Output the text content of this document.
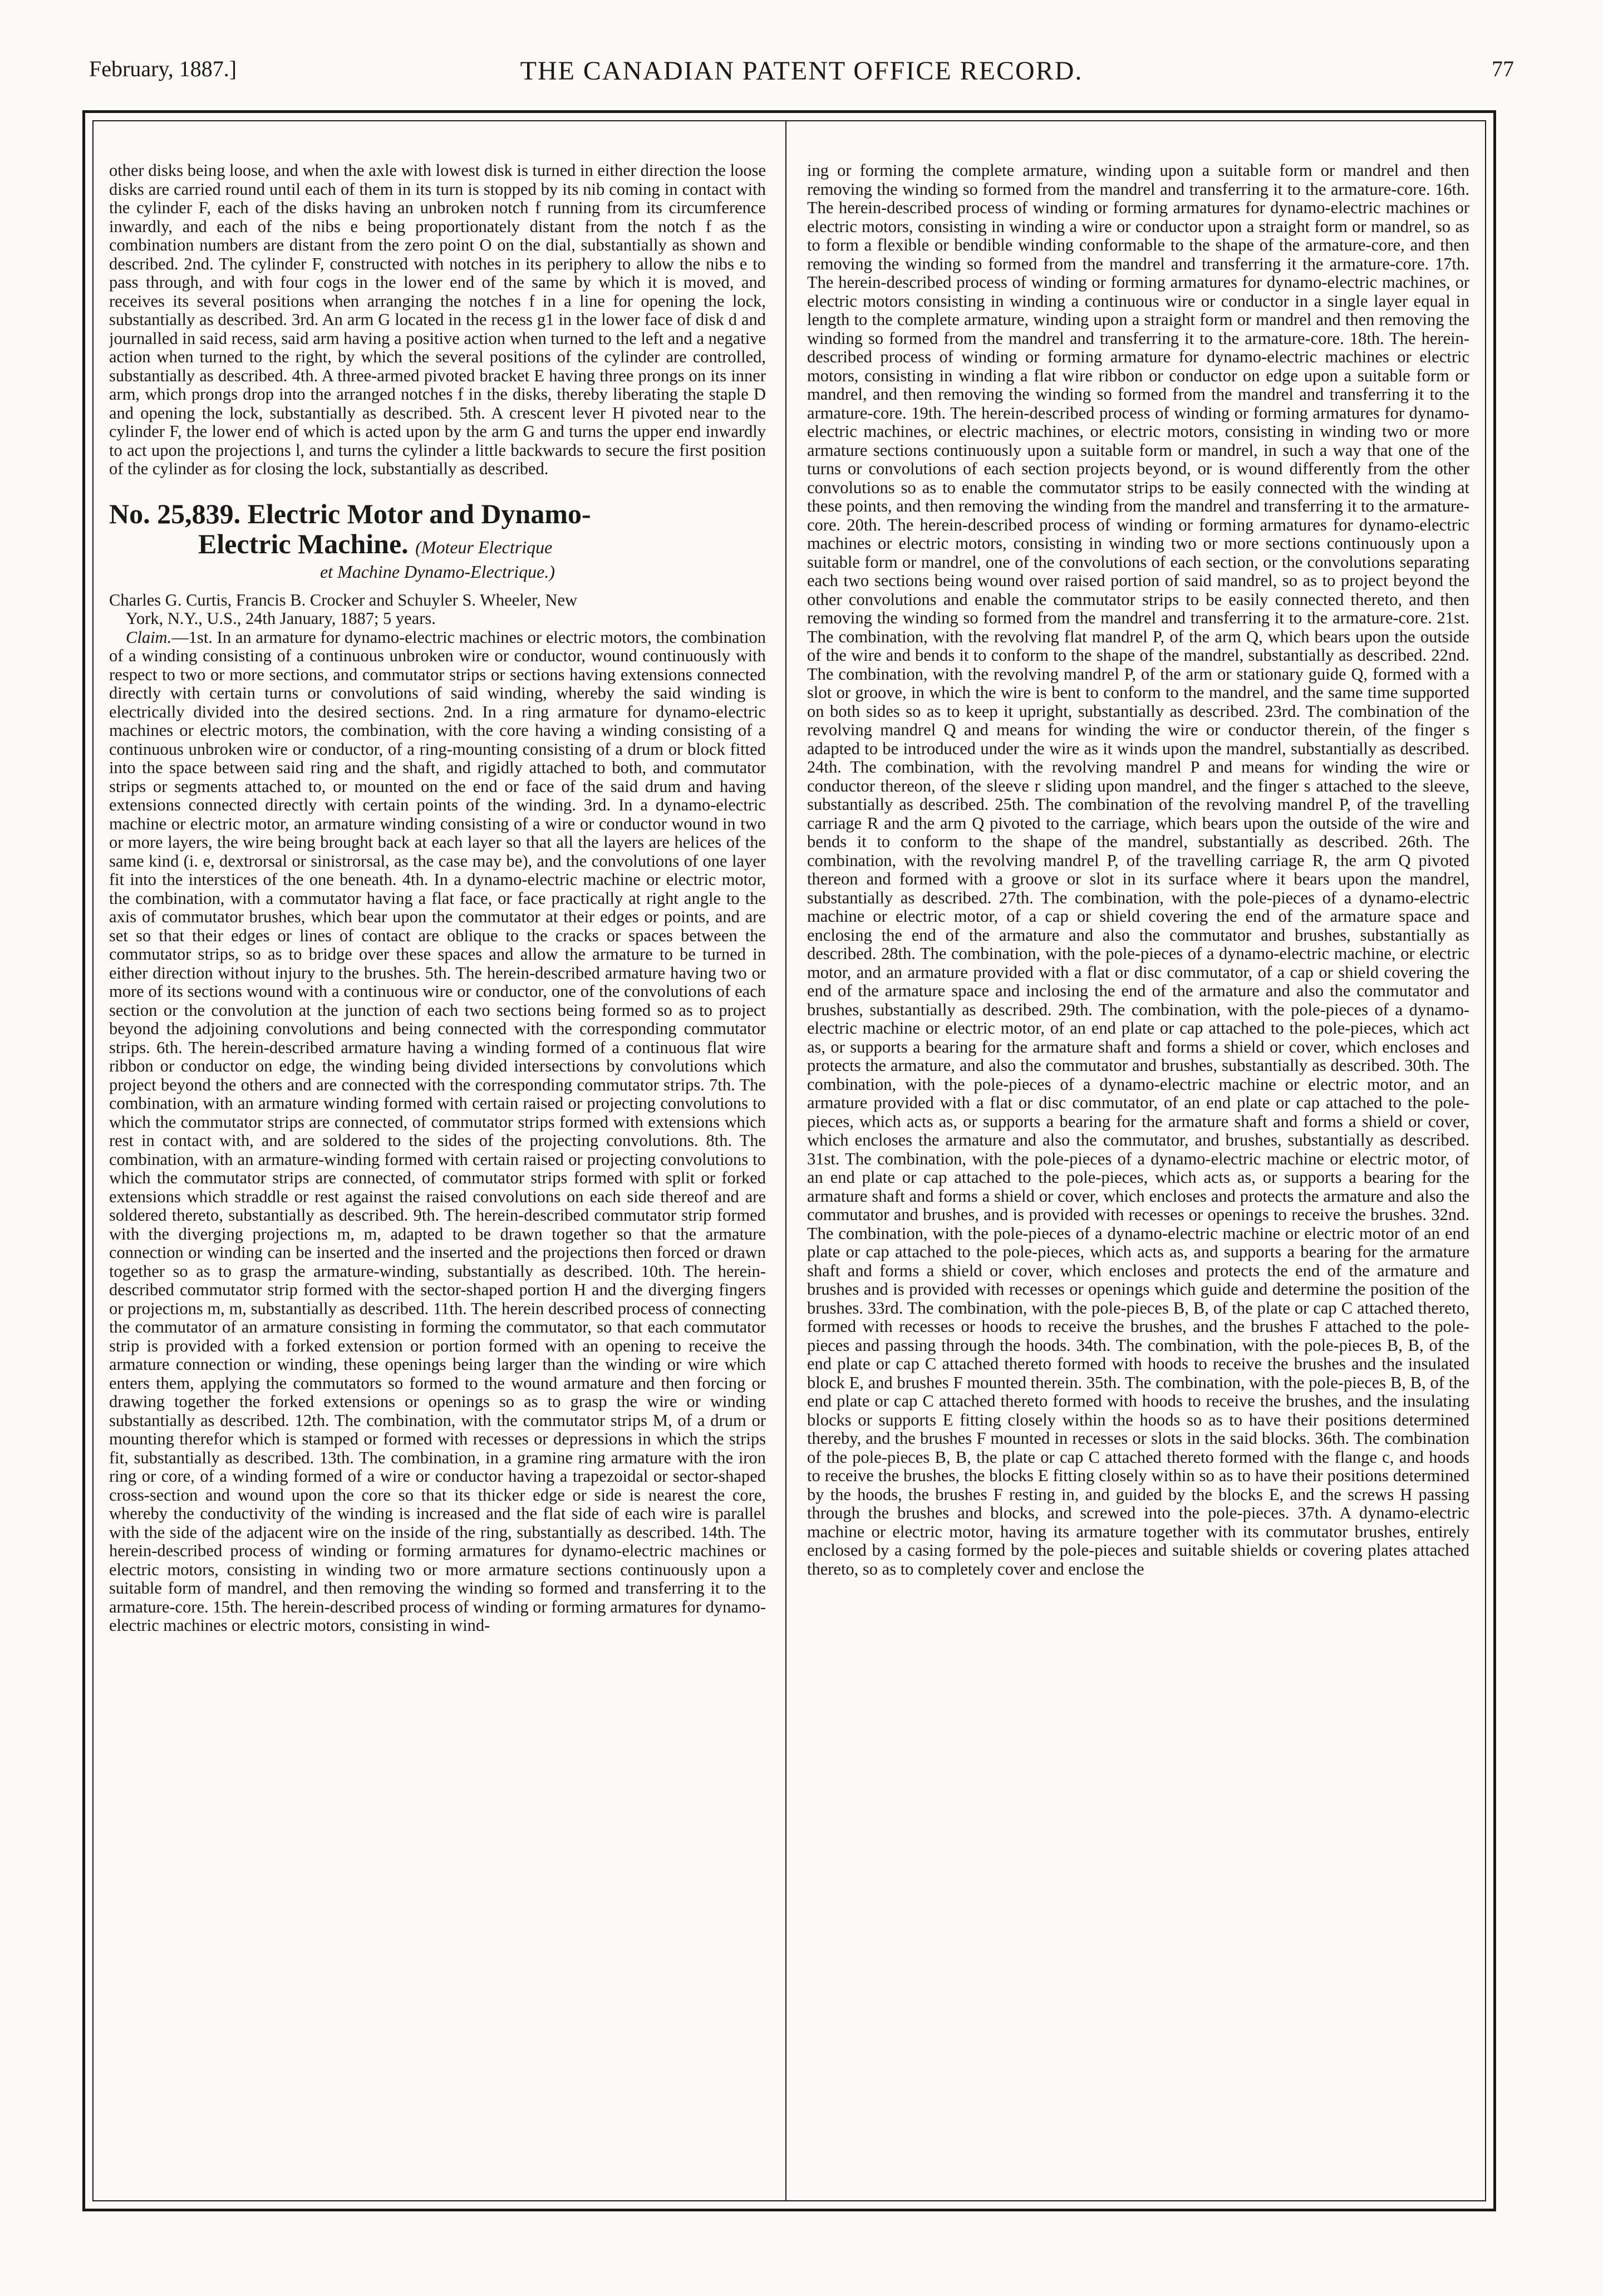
February, 1887.]	THE CANADIAN PATENT OFFICE RECORD.	77

other disks being loose, and when the axle with lowest disk is turned in either direction the loose disks are carried round until each of them in its turn is stopped by its nib coming in contact with the cylinder F, each of the disks having an unbroken notch f running from its circumference inwardly, and each of the nibs e being proportionately distant from the notch f as the combination numbers are distant from the zero point O on the dial, substantially as shown and described. 2nd. The cylinder F, constructed with notches in its periphery to allow the nibs e to pass through, and with four cogs in the lower end of the same by which it is moved, and receives its several positions when arranging the notches f in a line for opening the lock, substantially as described. 3rd. An arm G located in the recess g1 in the lower face of disk d and journalled in said recess, said arm having a positive action when turned to the left and a negative action when turned to the right, by which the several positions of the cylinder are controlled, substantially as described. 4th. A three-armed pivoted bracket E having three prongs on its inner arm, which prongs drop into the arranged notches f in the disks, thereby liberating the staple D and opening the lock, substantially as described. 5th. A crescent lever H pivoted near to the cylinder F, the lower end of which is acted upon by the arm G and turns the upper end inwardly to act upon the projections l, and turns the cylinder a little backwards to secure the first position of the cylinder as for closing the lock, substantially as described.

No. 25,839. Electric Motor and Dynamo-
Electric Machine. (Moteur Electrique
et Machine Dynamo-Electrique.)

Charles G. Curtis, Francis B. Crocker and Schuyler S. Wheeler, New

York, N.Y., U.S., 24th January, 1887; 5 years.

Claim.—1st. In an armature for dynamo-electric machines or electric motors, the combination of a winding consisting of a continuous unbroken wire or conductor, wound continuously with respect to two or more sections, and commutator strips or sections having extensions connected directly with certain turns or convolutions of said winding, whereby the said winding is electrically divided into the desired sections. 2nd. In a ring armature for dynamo-electric machines or electric motors, the combination, with the core having a winding consisting of a continuous unbroken wire or conductor, of a ring-mounting consisting of a drum or block fitted into the space between said ring and the shaft, and rigidly attached to both, and commutator strips or segments attached to, or mounted on the end or face of the said drum and having extensions connected directly with certain points of the winding. 3rd. In a dynamo-electric machine or electric motor, an armature winding consisting of a wire or conductor wound in two or more layers, the wire being brought back at each layer so that all the layers are helices of the same kind (i. e, dextrorsal or sinistrorsal, as the case may be), and the convolutions of one layer fit into the interstices of the one beneath. 4th. In a dynamo-electric machine or electric motor, the combination, with a commutator having a flat face, or face practically at right angle to the axis of commutator brushes, which bear upon the commutator at their edges or points, and are set so that their edges or lines of contact are oblique to the cracks or spaces between the commutator strips, so as to bridge over these spaces and allow the armature to be turned in either direction without injury to the brushes. 5th. The herein-described armature having two or more of its sections wound with a continuous wire or conductor, one of the convolutions of each section or the convolution at the junction of each two sections being formed so as to project beyond the adjoining convolutions and being connected with the corresponding commutator strips. 6th. The herein-described armature having a winding formed of a continuous flat wire ribbon or conductor on edge, the winding being divided intersections by convolutions which project beyond the others and are connected with the corresponding commutator strips. 7th. The combination, with an armature winding formed with certain raised or projecting convolutions to which the commutator strips are connected, of commutator strips formed with extensions which rest in contact with, and are soldered to the sides of the projecting convolutions. 8th. The combination, with an armature-winding formed with certain raised or projecting convolutions to which the commutator strips are connected, of commutator strips formed with split or forked extensions which straddle or rest against the raised convolutions on each side thereof and are soldered thereto, substantially as described. 9th. The herein-described commutator strip formed with the diverging projections m, m, adapted to be drawn together so that the armature connection or winding can be inserted and the inserted and the projections then forced or drawn together so as to grasp the armature-winding, substantially as described. 10th. The herein-described commutator strip formed with the sector-shaped portion H and the diverging fingers or projections m, m, substantially as described. 11th. The herein described process of connecting the commutator of an armature consisting in forming the commutator, so that each commutator strip is provided with a forked extension or portion formed with an opening to receive the armature connection or winding, these openings being larger than the winding or wire which enters them, applying the commutators so formed to the wound armature and then forcing or drawing together the forked extensions or openings so as to grasp the wire or winding substantially as described. 12th. The combination, with the commutator strips M, of a drum or mounting therefor which is stamped or formed with recesses or depressions in which the strips fit, substantially as described. 13th. The combination, in a gramine ring armature with the iron ring or core, of a winding formed of a wire or conductor having a trapezoidal or sector-shaped cross-section and wound upon the core so that its thicker edge or side is nearest the core, whereby the conductivity of the winding is increased and the flat side of each wire is parallel with the side of the adjacent wire on the inside of the ring, substantially as described. 14th. The herein-described process of winding or forming armatures for dynamo-electric machines or electric motors, consisting in winding two or more armature sections continuously upon a suitable form of mandrel, and then removing the winding so formed and transferring it to the armature-core. 15th. The herein-described process of winding or forming armatures for dynamo-electric machines or electric motors, consisting in wind-

ing or forming the complete armature, winding upon a suitable form or mandrel and then removing the winding so formed from the mandrel and transferring it to the armature-core. 16th. The herein-described process of winding or forming armatures for dynamo-electric machines or electric motors, consisting in winding a wire or conductor upon a straight form or mandrel, so as to form a flexible or bendible winding conformable to the shape of the armature-core, and then removing the winding so formed from the mandrel and transferring it the armature-core. 17th. The herein-described process of winding or forming armatures for dynamo-electric machines, or electric motors consisting in winding a continuous wire or conductor in a single layer equal in length to the complete armature, winding upon a straight form or mandrel and then removing the winding so formed from the mandrel and transferring it to the armature-core. 18th. The herein-described process of winding or forming armature for dynamo-electric machines or electric motors, consisting in winding a flat wire ribbon or conductor on edge upon a suitable form or mandrel, and then removing the winding so formed from the mandrel and transferring it to the armature-core. 19th. The herein-described process of winding or forming armatures for dynamo-electric machines, or electric machines, or electric motors, consisting in winding two or more armature sections continuously upon a suitable form or mandrel, in such a way that one of the turns or convolutions of each section projects beyond, or is wound differently from the other convolutions so as to enable the commutator strips to be easily connected with the winding at these points, and then removing the winding from the mandrel and transferring it to the armature-core. 20th. The herein-described process of winding or forming armatures for dynamo-electric machines or electric motors, consisting in winding two or more sections continuously upon a suitable form or mandrel, one of the convolutions of each section, or the convolutions separating each two sections being wound over raised portion of said mandrel, so as to project beyond the other convolutions and enable the commutator strips to be easily connected thereto, and then removing the winding so formed from the mandrel and transferring it to the armature-core. 21st. The combination, with the revolving flat mandrel P, of the arm Q, which bears upon the outside of the wire and bends it to conform to the shape of the mandrel, substantially as described. 22nd. The combination, with the revolving mandrel P, of the arm or stationary guide Q, formed with a slot or groove, in which the wire is bent to conform to the mandrel, and the same time supported on both sides so as to keep it upright, substantially as described. 23rd. The combination of the revolving mandrel Q and means for winding the wire or conductor therein, of the finger s adapted to be introduced under the wire as it winds upon the mandrel, substantially as described. 24th. The combination, with the revolving mandrel P and means for winding the wire or conductor thereon, of the sleeve r sliding upon mandrel, and the finger s attached to the sleeve, substantially as described. 25th. The combination of the revolving mandrel P, of the travelling carriage R and the arm Q pivoted to the carriage, which bears upon the outside of the wire and bends it to conform to the shape of the mandrel, substantially as described. 26th. The combination, with the revolving mandrel P, of the travelling carriage R, the arm Q pivoted thereon and formed with a groove or slot in its surface where it bears upon the mandrel, substantially as described. 27th. The combination, with the pole-pieces of a dynamo-electric machine or electric motor, of a cap or shield covering the end of the armature space and enclosing the end of the armature and also the commutator and brushes, substantially as described. 28th. The combination, with the pole-pieces of a dynamo-electric machine, or electric motor, and an armature provided with a flat or disc commutator, of a cap or shield covering the end of the armature space and inclosing the end of the armature and also the commutator and brushes, substantially as described. 29th. The combination, with the pole-pieces of a dynamo-electric machine or electric motor, of an end plate or cap attached to the pole-pieces, which act as, or supports a bearing for the armature shaft and forms a shield or cover, which encloses and protects the armature, and also the commutator and brushes, substantially as described. 30th. The combination, with the pole-pieces of a dynamo-electric machine or electric motor, and an armature provided with a flat or disc commutator, of an end plate or cap attached to the pole-pieces, which acts as, or supports a bearing for the armature shaft and forms a shield or cover, which encloses the armature and also the commutator, and brushes, substantially as described. 31st. The combination, with the pole-pieces of a dynamo-electric machine or electric motor, of an end plate or cap attached to the pole-pieces, which acts as, or supports a bearing for the armature shaft and forms a shield or cover, which encloses and protects the armature and also the commutator and brushes, and is provided with recesses or openings to receive the brushes. 32nd. The combination, with the pole-pieces of a dynamo-electric machine or electric motor of an end plate or cap attached to the pole-pieces, which acts as, and supports a bearing for the armature shaft and forms a shield or cover, which encloses and protects the end of the armature and brushes and is provided with recesses or openings which guide and determine the position of the brushes. 33rd. The combination, with the pole-pieces B, B, of the plate or cap C attached thereto, formed with recesses or hoods to receive the brushes, and the brushes F attached to the pole-pieces and passing through the hoods. 34th. The combination, with the pole-pieces B, B, of the end plate or cap C attached thereto formed with hoods to receive the brushes and the insulated block E, and brushes F mounted therein. 35th. The combination, with the pole-pieces B, B, of the end plate or cap C attached thereto formed with hoods to receive the brushes, and the insulating blocks or supports E fitting closely within the hoods so as to have their positions determined thereby, and the brushes F mounted in recesses or slots in the said blocks. 36th. The combination of the pole-pieces B, B, the plate or cap C attached thereto formed with the flange c, and hoods to receive the brushes, the blocks E fitting closely within so as to have their positions determined by the hoods, the brushes F resting in, and guided by the blocks E, and the screws H passing through the brushes and blocks, and screwed into the pole-pieces. 37th. A dynamo-electric machine or electric motor, having its armature together with its commutator brushes, entirely enclosed by a casing formed by the pole-pieces and suitable shields or covering plates attached thereto, so as to completely cover and enclose the
